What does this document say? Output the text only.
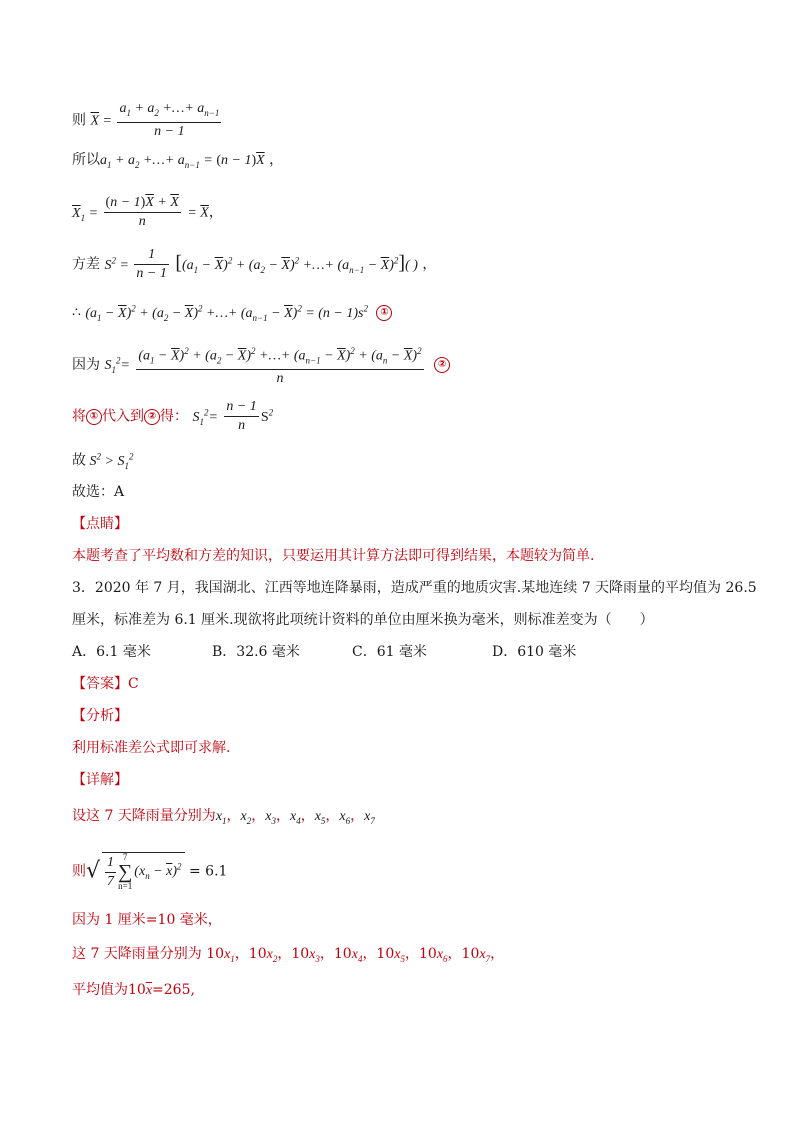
则 $\overline{X} = \frac{a_1 + a_2 +\dots+ a_{n-1}}{n - 1}$
所以$a_1 + a_2$ +…+ $a_{n-1} = (n - 1)\overline{X}$ ，
$\overline{X}_1 = \frac{(n - 1)\overline{X} + \overline{X}}{n} = \overline{X}$，
方差 $S^2 = \frac{1}{n - 1} [(a_1 - \overline{X})^2 + (a_2 - \overline{X})^2$ +…+ $(a_{n-1} - \overline{X})^2$]( ) ，
∴ $(a_1 - \overline{X})^2 + (a_2 - \overline{X})^2$ +…+ $(a_{n-1} - \overline{X})^2 = (n - 1)s^2$ ①
因为 $S_1^2= \frac{(a_1 - \overline{X})^2 + (a_2 - \overline{X})^2 +\dots+ (a_{n-1} - \overline{X})^2 + (a_n - \overline{X})^2}{n}$ ②
将 ① 代入到 ② 得： $S_1^2= \frac{n - 1}{n} S^2$
故 $S^2 > S_1^2$
故选：A
【点睛】
本题考查了平均数和方差的知识，只要运用其计算方法即可得到结果，本题较为简单.
3．2020 年 7 月，我国湖北、江西等地连降暴雨，造成严重的地质灾害.某地连续 7 天降雨量的平均值为 26.5
厘米，标准差为 6.1 厘米.现欲将此项统计资料的单位由厘米换为毫米，则标准差变为（　　）
A．6.1 毫米	B．32.6 毫米	C．61 毫米	D．610 毫米
【答案】C
【分析】
利用标准差公式即可求解.
【详解】
设这 7 天降雨量分别为$x_1$，$x_2$，$x_3$，$x_4$，$x_5$，$x_6$，$x_7$
则√ $\frac{1}{7} 7$
∑
n=1
$(x_n - \overline{x})^2 = 6.1$
因为 1 厘米=10 毫米，
这 7 天降雨量分别为 $10x_1$，$10x_2$，$10x_3$，$10x_4$，$10x_5$，$10x_6$，$10x_7$，
平均值为$10\overline{x}=265$,
